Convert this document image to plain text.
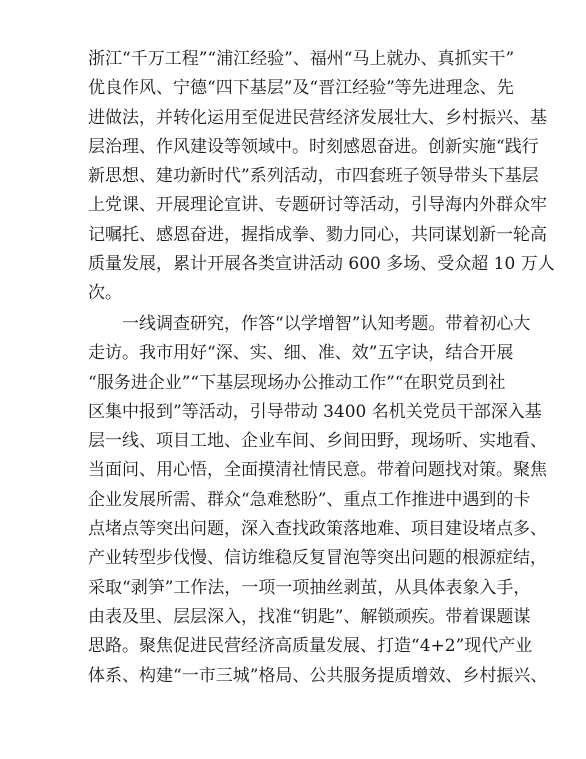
浙江“千万工程”“浦江经验”、福州“马上就办、真抓实干”
优良作风、宁德“四下基层”及“晋江经验”等先进理念、先
进做法，并转化运用至促进民营经济发展壮大、乡村振兴、基
层治理、作风建设等领域中。时刻感恩奋进。创新实施“践行
新思想、建功新时代”系列活动，市四套班子领导带头下基层
上党课、开展理论宣讲、专题研讨等活动，引导海内外群众牢
记嘱托、感恩奋进，握指成拳、勠力同心，共同谋划新一轮高
质量发展，累计开展各类宣讲活动 600 多场、受众超 10 万人
次。
一线调查研究，作答“以学增智”认知考题。带着初心大
走访。我市用好“深、实、细、准、效”五字诀，结合开展
“服务进企业”“下基层现场办公推动工作”“在职党员到社
区集中报到”等活动，引导带动 3400 名机关党员干部深入基
层一线、项目工地、企业车间、乡间田野，现场听、实地看、
当面问、用心悟，全面摸清社情民意。带着问题找对策。聚焦
企业发展所需、群众“急难愁盼”、重点工作推进中遇到的卡
点堵点等突出问题，深入查找政策落地难、项目建设堵点多、
产业转型步伐慢、信访维稳反复冒泡等突出问题的根源症结，
采取“剥笋”工作法，一项一项抽丝剥茧，从具体表象入手，
由表及里、层层深入，找准“钥匙”、解锁顽疾。带着课题谋
思路。聚焦促进民营经济高质量发展、打造“4+2”现代产业
体系、构建“一市三城”格局、公共服务提质增效、乡村振兴、
